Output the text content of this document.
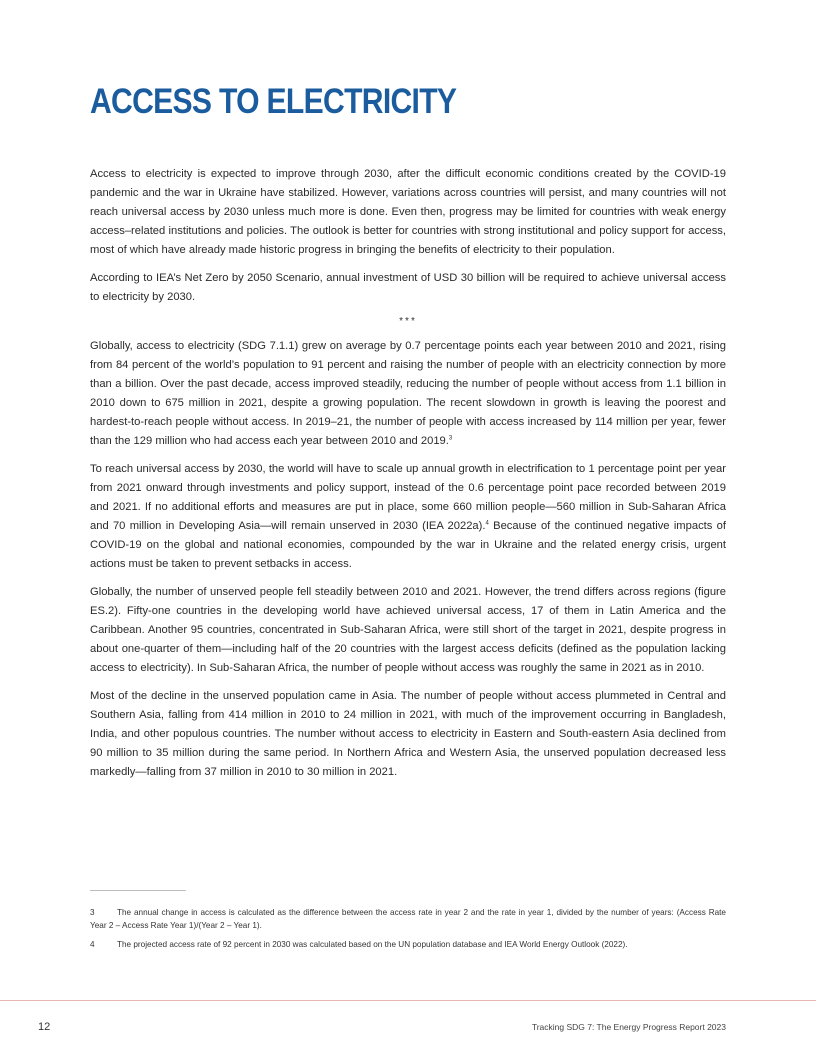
ACCESS TO ELECTRICITY

Access to electricity is expected to improve through 2030, after the difficult economic conditions created by the COVID-19 pandemic and the war in Ukraine have stabilized. However, variations across countries will persist, and many countries will not reach universal access by 2030 unless much more is done. Even then, progress may be limited for countries with weak energy access–related institutions and policies. The outlook is better for countries with strong institutional and policy support for access, most of which have already made historic progress in bringing the benefits of electricity to their population.

According to IEA’s Net Zero by 2050 Scenario, annual investment of USD 30 billion will be required to achieve universal access to electricity by 2030.

***

Globally, access to electricity (SDG 7.1.1) grew on average by 0.7 percentage points each year between 2010 and 2021, rising from 84 percent of the world’s population to 91 percent and raising the number of people with an electricity connection by more than a billion. Over the past decade, access improved steadily, reducing the number of people without access from 1.1 billion in 2010 down to 675 million in 2021, despite a growing population. The recent slowdown in growth is leaving the poorest and hardest-to-reach people without access. In 2019–21, the number of people with access increased by 114 million per year, fewer than the 129 million who had access each year between 2010 and 2019.$^3$

To reach universal access by 2030, the world will have to scale up annual growth in electrification to 1 percentage point per year from 2021 onward through investments and policy support, instead of the 0.6 percentage point pace recorded between 2019 and 2021. If no additional efforts and measures are put in place, some 660 million people—560 million in Sub-Saharan Africa and 70 million in Developing Asia—will remain unserved in 2030 (IEA 2022a).$^4$ Because of the continued negative impacts of COVID-19 on the global and national economies, compounded by the war in Ukraine and the related energy crisis, urgent actions must be taken to prevent setbacks in access.

Globally, the number of unserved people fell steadily between 2010 and 2021. However, the trend differs across regions (figure ES.2). Fifty-one countries in the developing world have achieved universal access, 17 of them in Latin America and the Caribbean. Another 95 countries, concentrated in Sub-Saharan Africa, were still short of the target in 2021, despite progress in about one-quarter of them—including half of the 20 countries with the largest access deficits (defined as the population lacking access to electricity). In Sub-Saharan Africa, the number of people without access was roughly the same in 2021 as in 2010.

Most of the decline in the unserved population came in Asia. The number of people without access plummeted in Central and Southern Asia, falling from 414 million in 2010 to 24 million in 2021, with much of the improvement occurring in Bangladesh, India, and other populous countries. The number without access to electricity in Eastern and South-eastern Asia declined from 90 million to 35 million during the same period. In Northern Africa and Western Asia, the unserved population decreased less markedly—falling from 37 million in 2010 to 30 million in 2021.

3	The annual change in access is calculated as the difference between the access rate in year 2 and the rate in year 1, divided by the number of years: (Access Rate Year 2 – Access Rate Year 1)/(Year 2 – Year 1).

4	The projected access rate of 92 percent in 2030 was calculated based on the UN population database and IEA World Energy Outlook (2022).

12	Tracking SDG 7: The Energy Progress Report 2023
